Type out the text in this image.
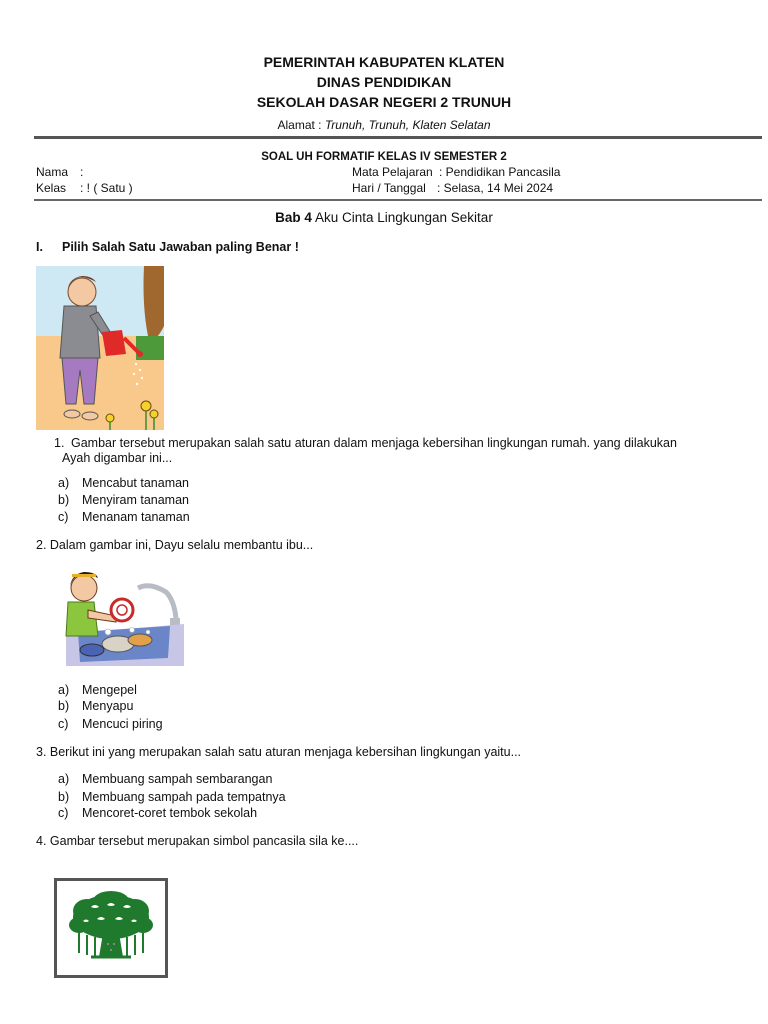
PEMERINTAH KABUPATEN KLATEN
DINAS PENDIDIKAN
SEKOLAH DASAR NEGERI 2 TRUNUH
Alamat : Trunuh, Trunuh, Klaten Selatan
SOAL UH FORMATIF KELAS IV SEMESTER 2
Nama :
Kelas : ! ( Satu )
Mata Pelajaran : Pendidikan Pancasila
Hari / Tanggal : Selasa, 14 Mei 2024
Bab 4 Aku Cinta Lingkungan Sekitar
I. Pilih Salah Satu Jawaban paling Benar !
1. Gambar tersebut merupakan salah satu aturan dalam menjaga kebersihan lingkungan rumah. yang dilakukan
Ayah digambar ini...
a) Mencabut tanaman
b) Menyiram tanaman
c) Menanam tanaman
2. Dalam gambar ini, Dayu selalu membantu ibu...
a) Mengepel
b) Menyapu
c) Mencuci piring
3. Berikut ini yang merupakan salah satu aturan menjaga kebersihan lingkungan yaitu...
a) Membuang sampah sembarangan
b) Membuang sampah pada tempatnya
c) Mencoret-coret tembok sekolah
4. Gambar tersebut merupakan simbol pancasila sila ke....
